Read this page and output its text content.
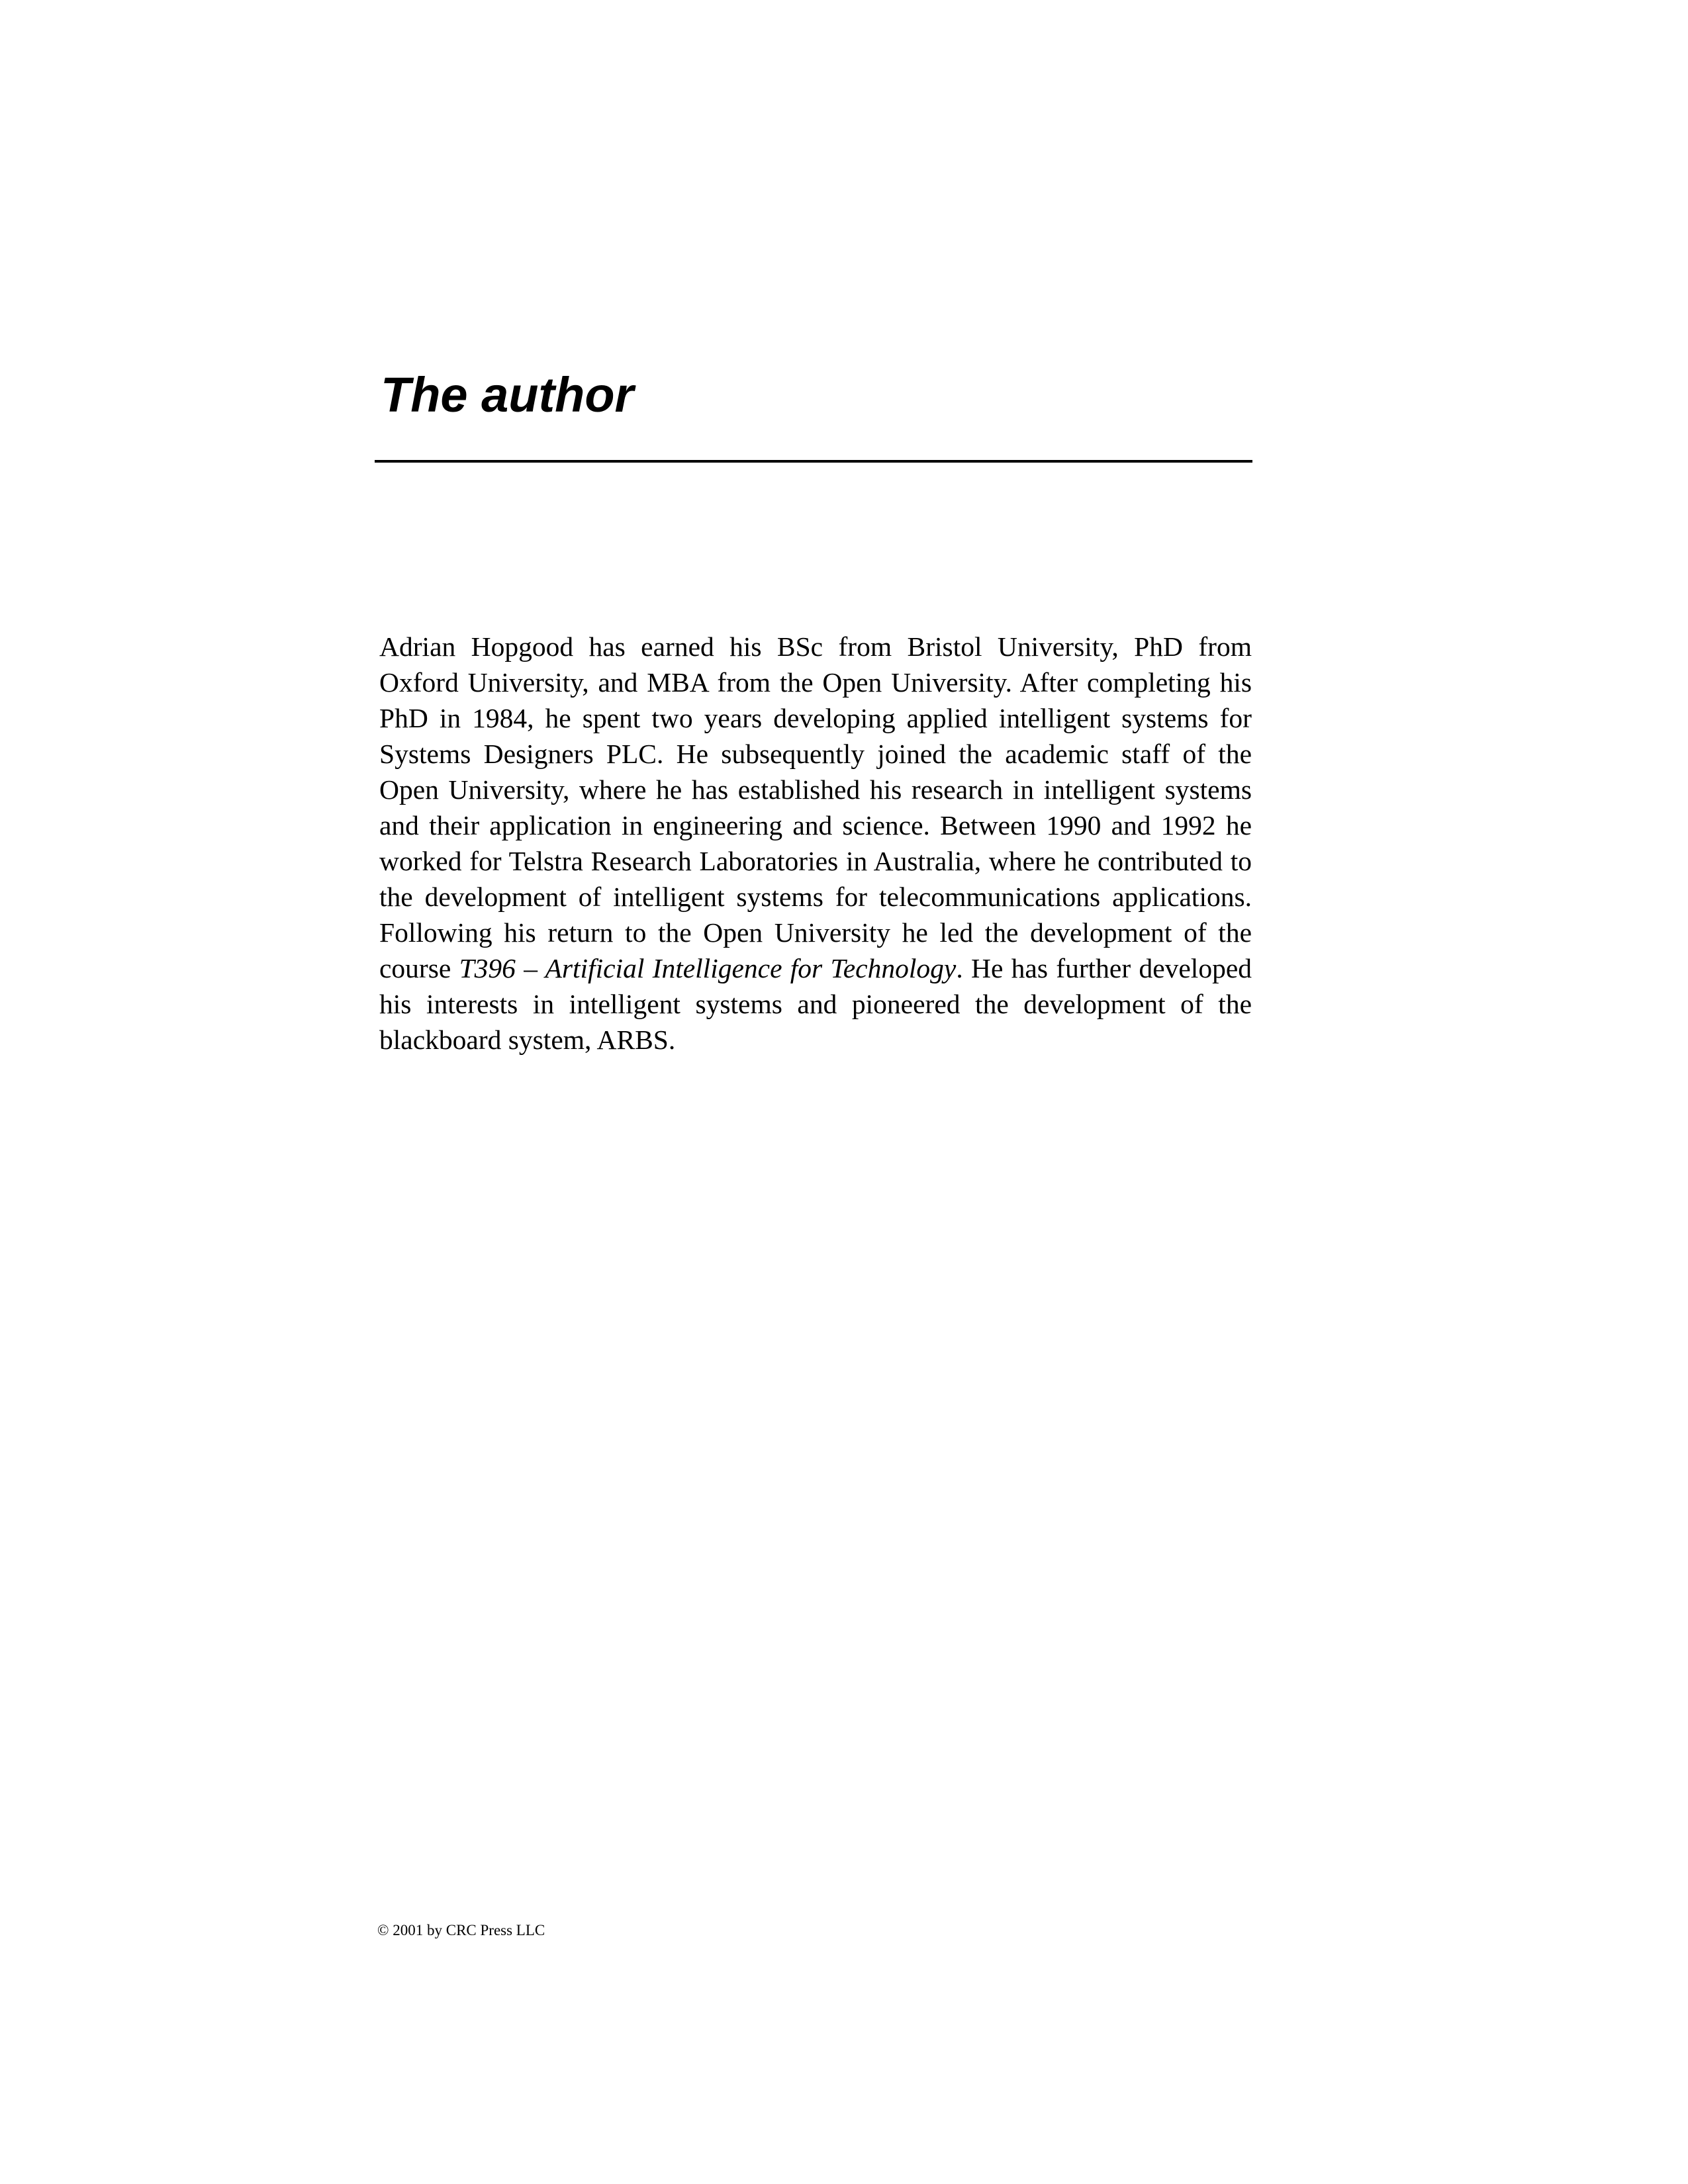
The author
Adrian Hopgood has earned his BSc from Bristol University, PhD from
Oxford University, and MBA from the Open University. After completing his
PhD in 1984, he spent two years developing applied intelligent systems for
Systems Designers PLC. He subsequently joined the academic staff of the
Open University, where he has established his research in intelligent systems
and their application in engineering and science. Between 1990 and 1992 he
worked for Telstra Research Laboratories in Australia, where he contributed to
the development of intelligent systems for telecommunications applications.
Following his return to the Open University he led the development of the
course T396 – Artificial Intelligence for Technology. He has further developed
his interests in intelligent systems and pioneered the development of the
blackboard system, ARBS.

© 2001 by CRC Press LLC
